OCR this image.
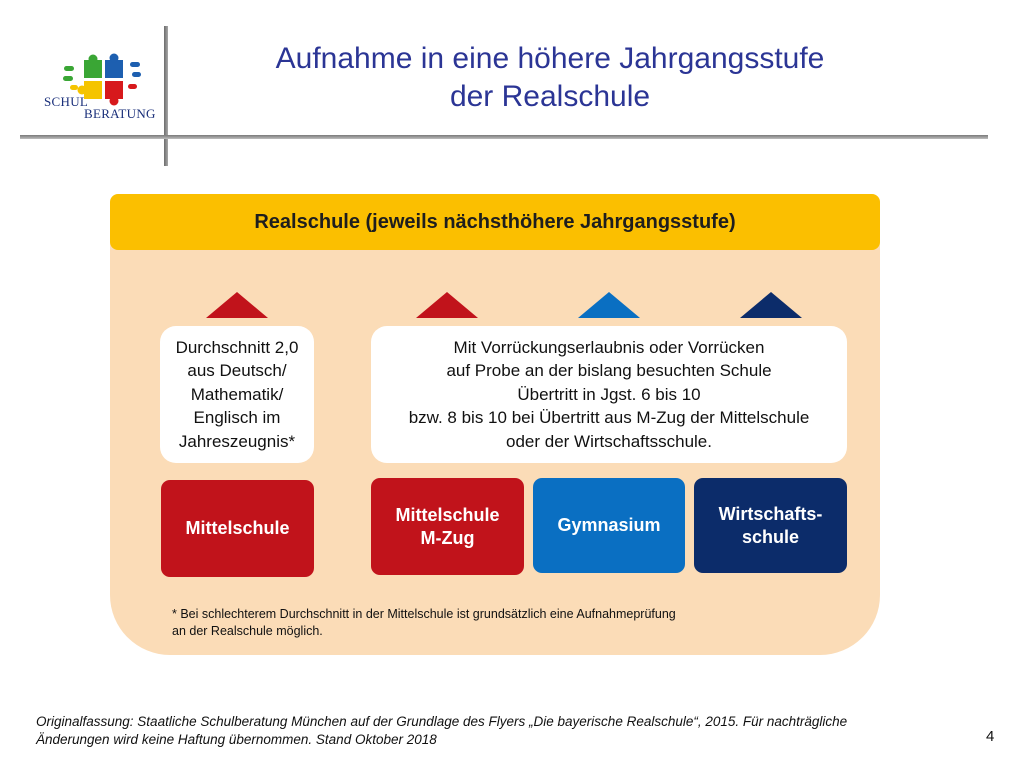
SCHUL
BERATUNG
Aufnahme in eine höhere Jahrgangsstufe
der Realschule
Realschule (jeweils nächsthöhere Jahrgangsstufe)
Durchschnitt 2,0
aus Deutsch/
Mathematik/
Englisch im
Jahreszeugnis*
Mit Vorrückungserlaubnis oder Vorrücken
auf Probe an der bislang besuchten Schule
Übertritt in Jgst. 6 bis 10
bzw. 8 bis 10 bei Übertritt aus M-Zug der Mittelschule
oder der Wirtschaftsschule.
Mittelschule
Mittelschule
M-Zug
Gymnasium
Wirtschafts-
schule
* Bei schlechterem Durchschnitt in der Mittelschule ist grundsätzlich eine Aufnahmeprüfung
an der Realschule möglich.
Originalfassung: Staatliche Schulberatung München auf der Grundlage des Flyers „Die bayerische Realschule“, 2015. Für nachträgliche
Änderungen wird keine Haftung übernommen. Stand Oktober 2018	4
